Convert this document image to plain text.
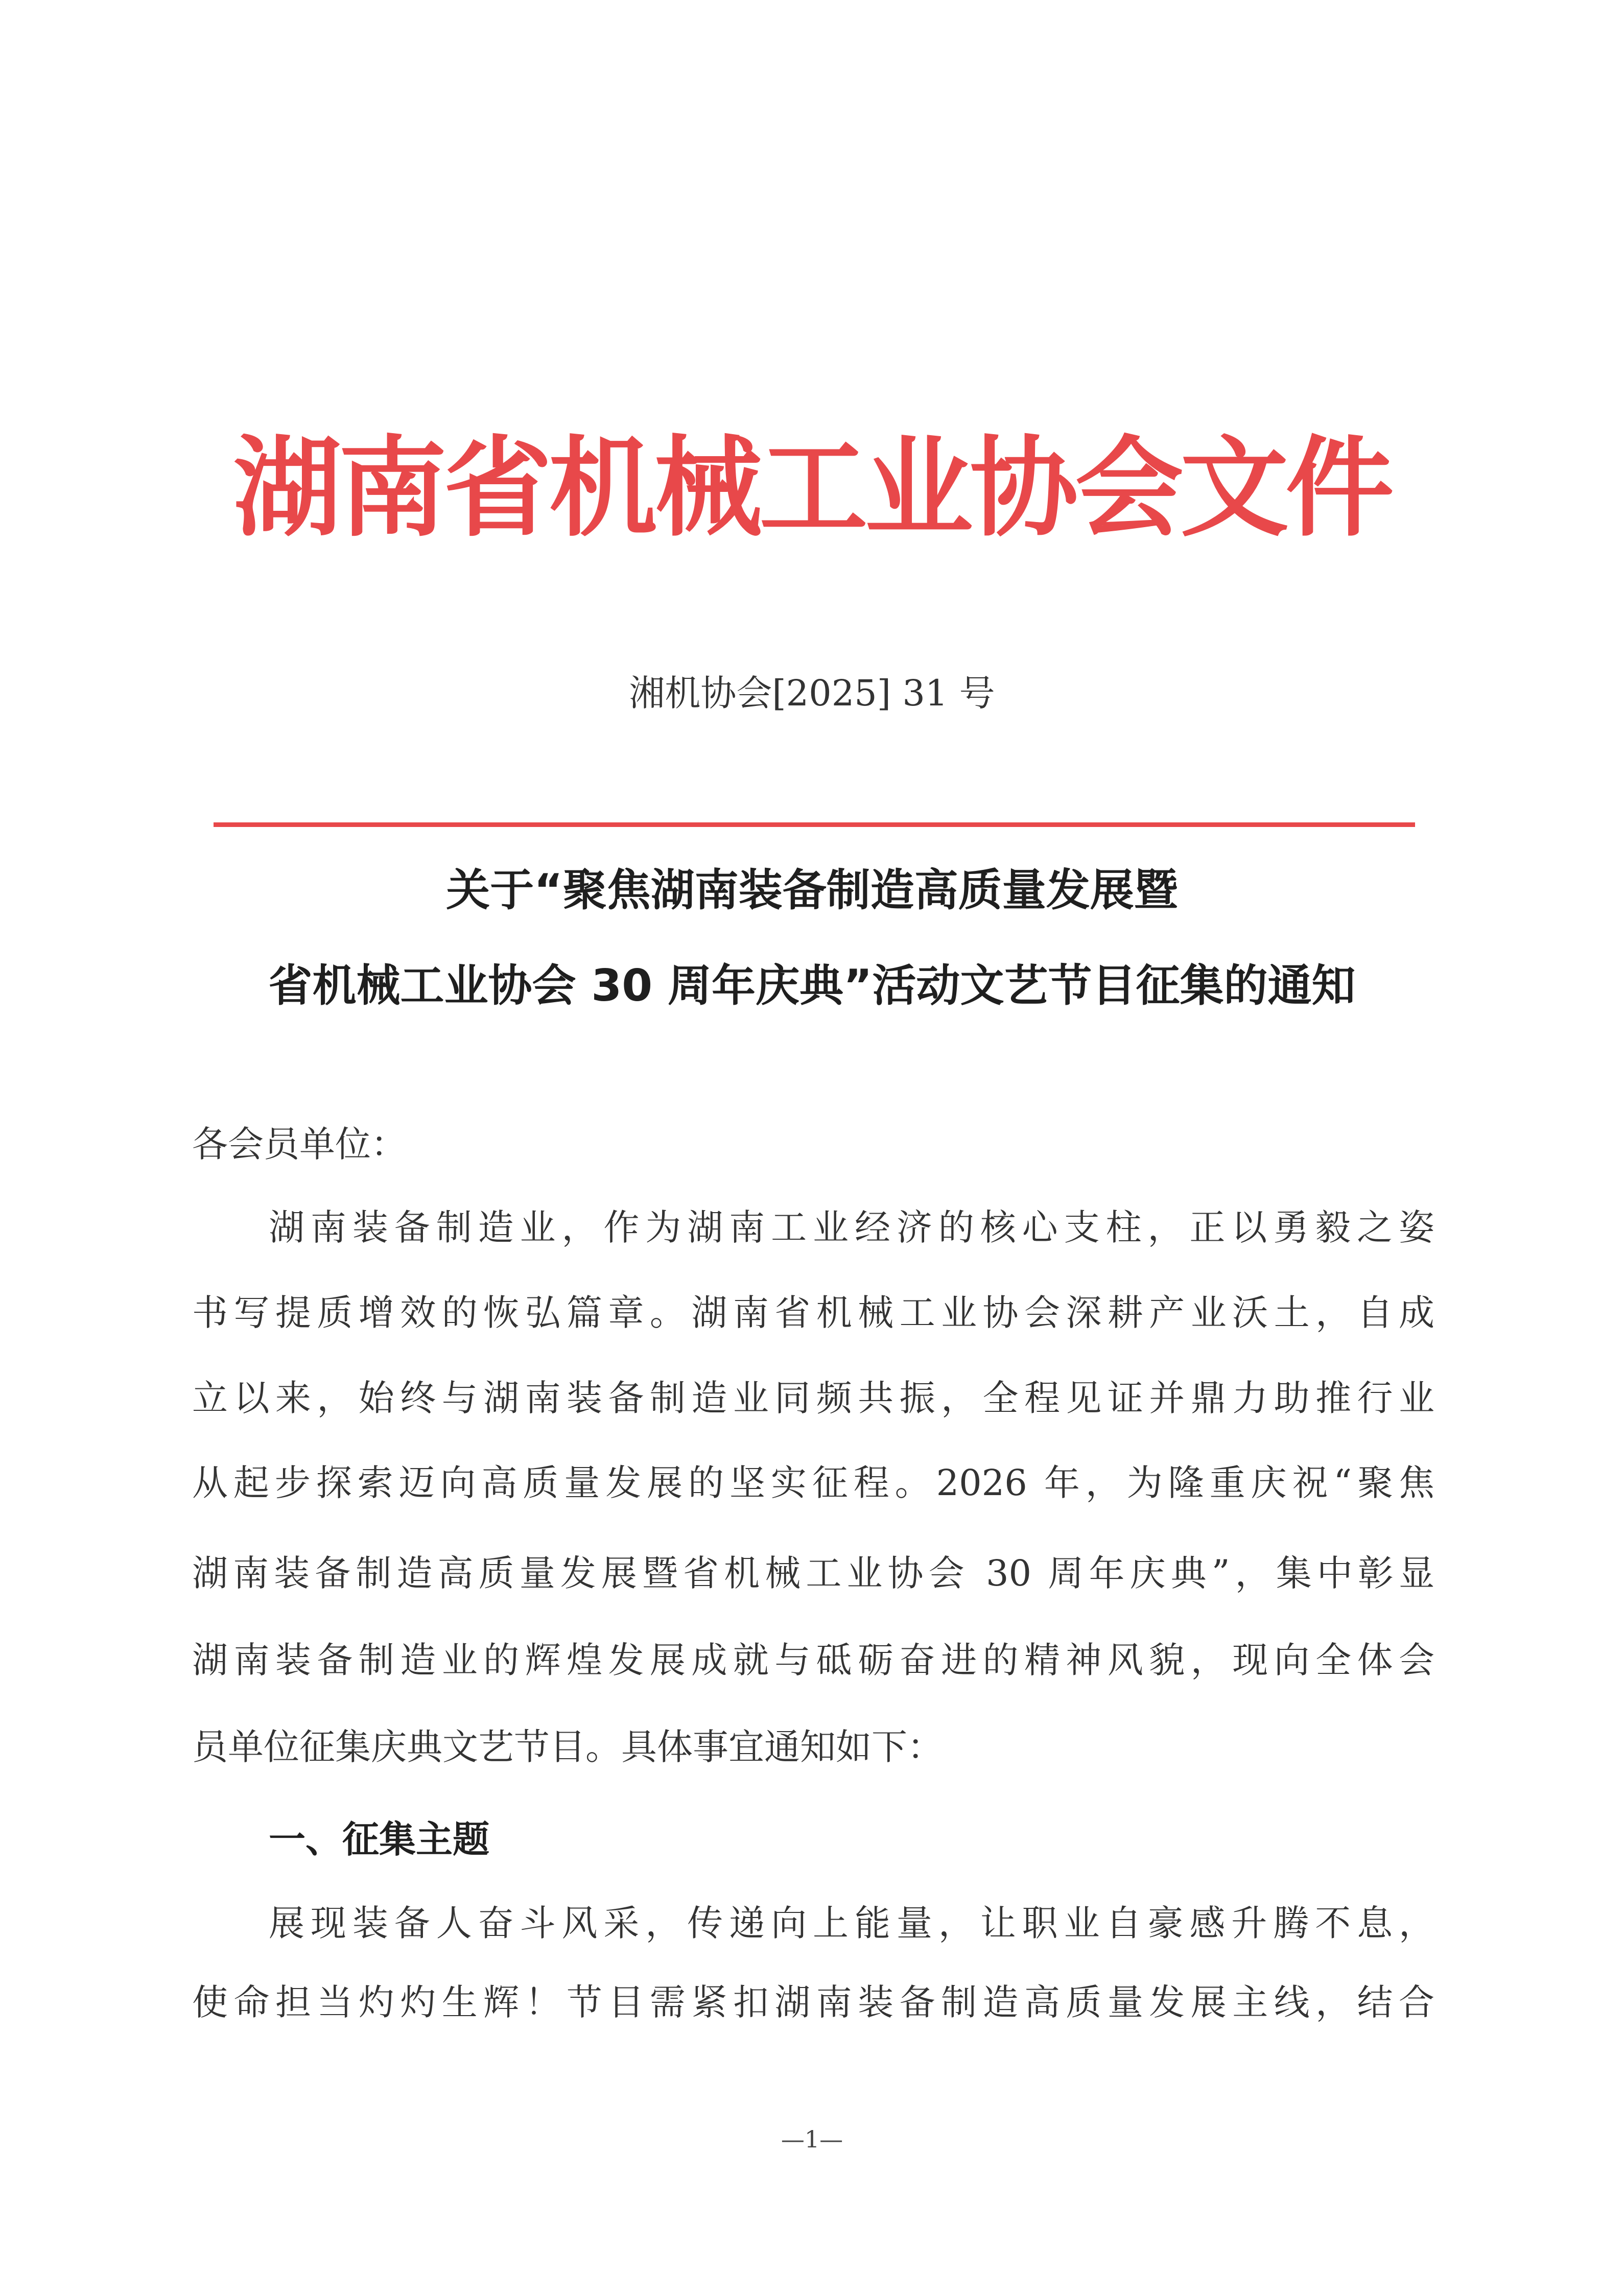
湖南省机械工业协会文件
湘机协会[2025] 31 号
关于“聚焦湖南装备制造高质量发展暨
省机械工业协会 30 周年庆典”活动文艺节目征集的通知
各会员单位：
湖南装备制造业，作为湖南工业经济的核心支柱，正以勇毅之姿
书写提质增效的恢弘篇章。湖南省机械工业协会深耕产业沃土，自成
立以来，始终与湖南装备制造业同频共振，全程见证并鼎力助推行业
从起步探索迈向高质量发展的坚实征程。2026 年，为隆重庆祝“聚焦
湖南装备制造高质量发展暨省机械工业协会 30 周年庆典”，集中彰显
湖南装备制造业的辉煌发展成就与砥砺奋进的精神风貌，现向全体会
员单位征集庆典文艺节目。具体事宜通知如下：
一、征集主题
展现装备人奋斗风采，传递向上能量，让职业自豪感升腾不息，
使命担当灼灼生辉！节目需紧扣湖南装备制造高质量发展主线，结合
—1—
